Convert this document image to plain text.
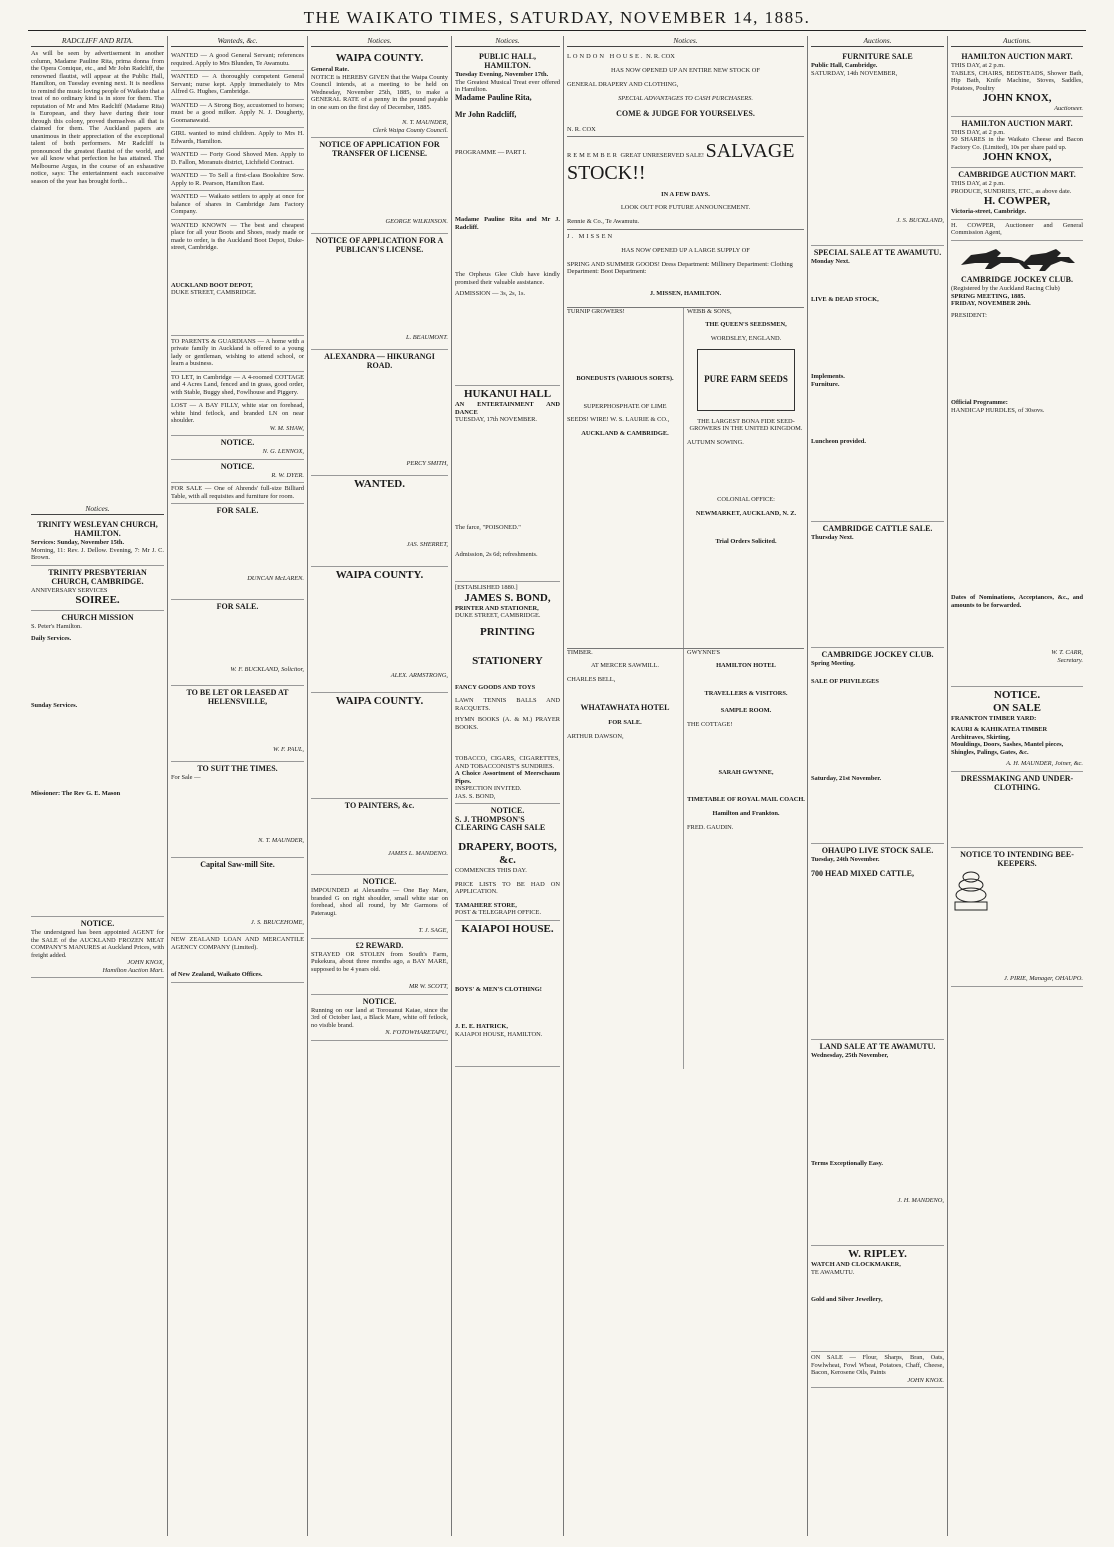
THE WAIKATO TIMES, SATURDAY, NOVEMBER 14, 1885.
RADCLIFF AND RITA.

As will be seen by advertisement in another column, Madame Pauline Rita, prima donna from the Opera Comique, etc., and Mr John Radcliff, the renowned flautist, will appear at the Public Hall, Hamilton, on Tuesday evening next. It is needless to remind the music loving people of Waikato that a treat of no ordinary kind is in store for them. The reputation of Mr and Mrs Radcliff (Madame Rita) is European, and they have during their tour through this colony, proved themselves all that is claimed for them. The Auckland papers are unanimous in their appreciation of the exceptional talent of both performers. Mr Radcliff is pronounced the greatest flautist of the world, and we all know what perfection he has attained. The Melbourne Argus, in the course of an exhaustive notice, says: The entertainment each successive season of the year has brought forth...

Notices.
TRINITY WESLEYAN CHURCH, HAMILTON.

Services: Sunday, November 15th.

Morning, 11: Rev. J. Dellow. Evening, 7: Mr J. C. Brown.

TRINITY PRESBYTERIAN CHURCH, CAMBRIDGE.

ANNIVERSARY SERVICES

SOIREE.
CHURCH MISSION

S. Peter's Hamilton.

Daily Services.

Sunday Services.

Missioner: The Rev G. E. Mason

NOTICE.

The undersigned has been appointed AGENT for the SALE of the AUCKLAND FROZEN MEAT COMPANY'S MANURES at Auckland Prices, with freight added.

JOHN KNOX,
Hamilton Auction Mart.
Wanteds, &c.

WANTED — A good General Servant; references required. Apply to Mrs Blunden, Te Awamutu.

WANTED — A thoroughly competent General Servant; nurse kept. Apply immediately to Mrs Alfred G. Hughes, Cambridge.

WANTED — A Strong Boy, accustomed to horses; must be a good milker. Apply N. J. Dougherty, Goomanawaid.

GIRL wanted to mind children. Apply to Mrs H. Edwards, Hamilton.

WANTED — Forty Good Shoved Men. Apply to D. Fallon, Moranuis district, Lichfield Contract.

WANTED — To Sell a first-class Bookshire Sow. Apply to R. Pearson, Hamilton East.

WANTED — Waikato settlers to apply at once for balance of shares in Cambridge Jam Factory Company.

WANTED KNOWN — The best and cheapest place for all your Boots and Shoes, ready made or made to order, is the Auckland Boot Depot, Duke-street, Cambridge.

AUCKLAND BOOT DEPOT,

DUKE STREET, CAMBRIDGE.

TO PARENTS & GUARDIANS — A home with a private family in Auckland is offered to a young lady or gentleman, wishing to attend school, or learn a business.

TO LET, in Cambridge — A 4-roomed COTTAGE and 4 Acres Land, fenced and in grass, good order, with Stable, Buggy shed, Fowlhouse and Piggery.

LOST — A BAY FILLY, white star on forehead, white hind fetlock, and branded LN on near shoulder.

W. M. SHAW,
NOTICE.
N. G. LENNOX,
NOTICE.
R. W. DYER.

FOR SALE — One of Ahrends' full-size Billiard Table, with all requisites and furniture for room.

FOR SALE.
DUNCAN McLAREN.
FOR SALE.
W. F. BUCKLAND, Solicitor,
TO BE LET OR LEASED AT HELENSVILLE,
W. F. PAUL,
TO SUIT THE TIMES.

For Sale —

N. T. MAUNDER,
Capital Saw-mill Site.
J. S. BRUCEHOME,

NEW ZEALAND LOAN AND MERCANTILE AGENCY COMPANY (Limited).

of New Zealand, Waikato Offices.

Notices.
WAIPA COUNTY.

General Rate.

NOTICE is HEREBY GIVEN that the Waipa County Council intends, at a meeting to be held on Wednesday, November 25th, 1885, to make a GENERAL RATE of a penny in the pound payable in one sum on the first day of December, 1885.

N. T. MAUNDER,
Clerk Waipa County Council.
NOTICE OF APPLICATION FOR TRANSFER OF LICENSE.
GEORGE WILKINSON.
NOTICE OF APPLICATION FOR A PUBLICAN'S LICENSE.
L. BEAUMONT.
ALEXANDRA — HIKURANGI ROAD.
PERCY SMITH,
WANTED.
JAS. SHERRET,
WAIPA COUNTY.
ALEX. ARMSTRONG,
WAIPA COUNTY.
TO PAINTERS, &c.
JAMES L. MANDENO.
NOTICE.

IMPOUNDED at Alexandra — One Bay Mare, branded G on right shoulder, small white star on forehead, shod all round, by Mr Garmons of Pateraugi.

T. J. SAGE,
£2 REWARD.

STRAYED OR STOLEN from South's Farm, Pukekura, about three months ago, a BAY MARE, supposed to be 4 years old.

MR W. SCOTT,
NOTICE.

Running on our land at Torouanui Kaiae, since the 3rd of October last, a Black Mare, white off fetlock, no visible brand.

N. FOTOWHARETAPU,
Notices.
PUBLIC HALL, HAMILTON.

Tuesday Evening, November 17th.

The Greatest Musical Treat ever offered in Hamilton.

Madame Pauline Rita,

Mr John Radcliff,

PROGRAMME — PART I.

Madame Pauline Rita and Mr J. Radcliff.

The Orpheus Glee Club have kindly promised their valuable assistance.

ADMISSION — 3s, 2s, 1s.

HUKANUI HALL

AN ENTERTAINMENT AND DANCE

TUESDAY, 17th NOVEMBER.

The farce, "POISONED."

Admission, 2s 6d; refreshments.

[ESTABLISHED 1880.]

JAMES S. BOND,

PRINTER AND STATIONER,

DUKE STREET, CAMBRIDGE.

PRINTING
STATIONERY

FANCY GOODS AND TOYS

LAWN TENNIS BALLS AND RACQUETS.

HYMN BOOKS (A. & M.) PRAYER BOOKS.

TOBACCO, CIGARS, CIGARETTES, AND TOBACCONIST'S SUNDRIES.

A Choice Assortment of Meerschaum Pipes.

INSPECTION INVITED.

JAS. S. BOND,

NOTICE.

S. J. THOMPSON'S

CLEARING CASH SALE

DRAPERY, BOOTS, &c.

COMMENCES THIS DAY.

PRICE LISTS TO BE HAD ON APPLICATION.

TAMAHERE STORE,

POST & TELEGRAPH OFFICE.

KAIAPOI HOUSE.

BOYS' & MEN'S CLOTHING!

J. E. E. HATRICK,

KAIAPOI HOUSE, HAMILTON.

Notices.
LONDON HOUSE. N. R. COX

HAS NOW OPENED UP AN ENTIRE NEW STOCK OF

GENERAL DRAPERY AND CLOTHING,

SPECIAL ADVANTAGES TO CASH PURCHASERS.

COME & JUDGE FOR YOURSELVES.

N. R. COX
REMEMBER GREAT UNRESERVED SALE! SALVAGE STOCK!!

IN A FEW DAYS.

LOOK OUT FOR FUTURE ANNOUNCEMENT.

Rennie & Co., Te Awamutu.
J. MISSEN

HAS NOW OPENED UP A LARGE SUPPLY OF

SPRING AND SUMMER GOODS! Dress Department: Millinery Department: Clothing Department: Boot Department:

J. MISSEN, HAMILTON.

TURNIP GROWERS!

BONEDUSTS (VARIOUS SORTS).

SUPERPHOSPHATE OF LIME

SEEDS! WIRE! W. S. LAURIE & CO.,

AUCKLAND & CAMBRIDGE.

WEBB & SONS,

THE QUEEN'S SEEDSMEN,

WORDSLEY, ENGLAND.

PURE FARM SEEDS

THE LARGEST BONA FIDE SEED-GROWERS IN THE UNITED KINGDOM.

AUTUMN SOWING.

COLONIAL OFFICE:

NEWMARKET, AUCKLAND, N. Z.

Trial Orders Solicited.

TIMBER.

AT MERCER SAWMILL.

CHARLES BELL,

WHATAWHATA HOTEL

FOR SALE.

ARTHUR DAWSON,
GWYNNE'S

HAMILTON HOTEL

TRAVELLERS & VISITORS.

SAMPLE ROOM.

THE COTTAGE!

SARAH GWYNNE,

TIMETABLE OF ROYAL MAIL COACH.

Hamilton and Frankton.

FRED. GAUDIN.
Auctions.
FURNITURE SALE

Public Hall, Cambridge.

SATURDAY, 14th NOVEMBER,

J. S. BUCKLAND,
SPECIAL SALE AT TE AWAMUTU.

Monday Next.

LIVE & DEAD STOCK,

Implements.

Furniture.

Luncheon provided.

CAMBRIDGE CATTLE SALE.

Thursday Next.

CAMBRIDGE JOCKEY CLUB.

Spring Meeting.

SALE OF PRIVILEGES

Saturday, 21st November.

OHAUPO LIVE STOCK SALE.

Tuesday, 24th November.

700 HEAD MIXED CATTLE,

LAND SALE AT TE AWAMUTU.

Wednesday, 25th November,

Terms Exceptionally Easy.

J. H. MANDENO,
W. RIPLEY.

WATCH AND CLOCKMAKER,

TE AWAMUTU.

Gold and Silver Jewellery,

ON SALE — Flour, Sharps, Bran, Oats, Fowlwheat, Fowl Wheat, Potatoes, Chaff, Cheese, Bacon, Kerosene Oils, Paints

JOHN KNOX.
Auctions.
HAMILTON AUCTION MART.

THIS DAY, at 2 p.m.

TABLES, CHAIRS, BEDSTEADS, Shower Bath, Hip Bath, Knife Machine, Stoves, Saddles, Potatoes, Poultry

JOHN KNOX,
Auctioneer.
HAMILTON AUCTION MART.

THIS DAY, at 2 p.m.

50 SHARES in the Waikato Cheese and Bacon Factory Co. (Limited), 10s per share paid up.

JOHN KNOX,
CAMBRIDGE AUCTION MART.

THIS DAY, at 2 p.m.

PRODUCE, SUNDRIES, ETC., as above date.

H. COWPER,

Victoria-street, Cambridge.

H. COWPER, Auctioneer and General Commission Agent,

CAMBRIDGE JOCKEY CLUB.

(Registered by the Auckland Racing Club)

SPRING MEETING, 1885.

FRIDAY, NOVEMBER 20th.

PRESIDENT:

Official Programme:

HANDICAP HURDLES, of 30sovs.

Dates of Nominations, Acceptances, &c., and amounts to be forwarded.

W. T. CARR,
Secretary.
NOTICE.
ON SALE

FRANKTON TIMBER YARD:

KAURI & KAHIKATEA TIMBER

Architraves, Skirting,

Mouldings, Doors, Sashes, Mantel pieces,

Shingles, Palings, Gates, &c.

A. H. MAUNDER, Joiner, &c.
DRESSMAKING AND UNDER-CLOTHING.
NOTICE TO INTENDING BEE-KEEPERS.
J. PIRIE, Manager, OHAUPO.
